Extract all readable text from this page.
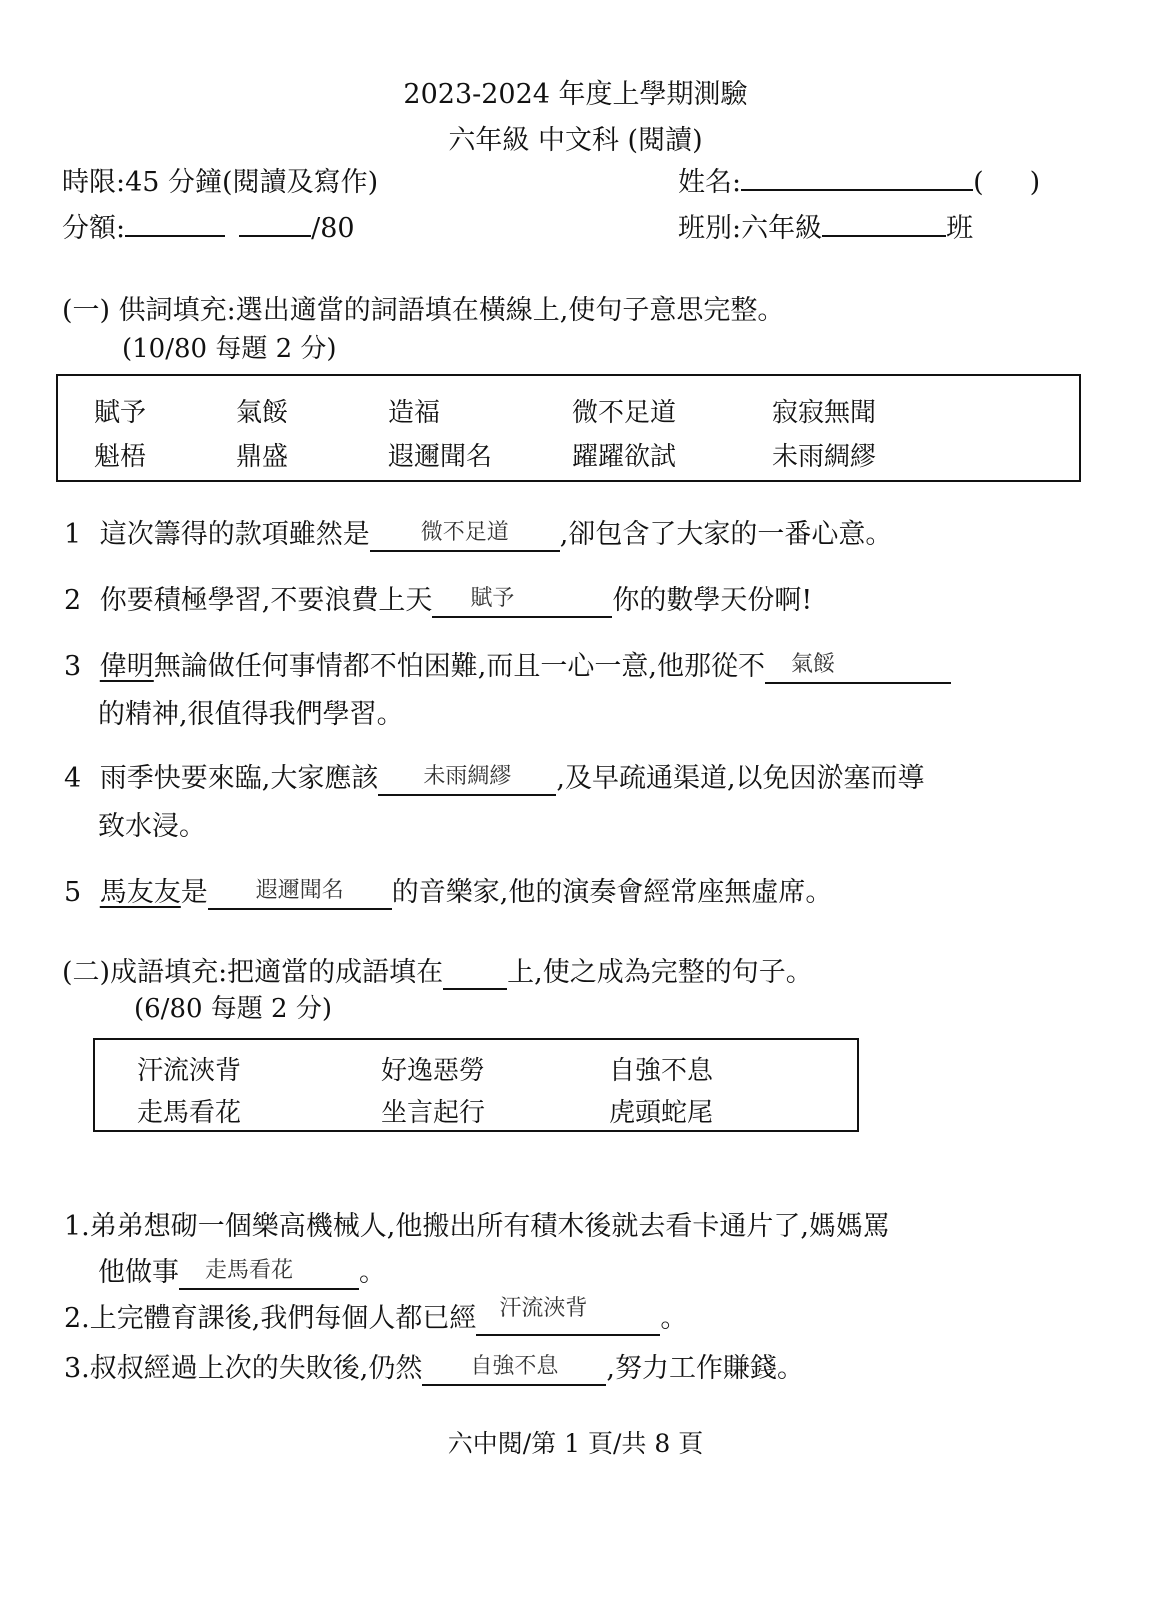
2023-2024 年度上學期測驗
六年級 中文科 (閱讀)
時限:45 分鐘(閱讀及寫作)	姓名:	( )
分額:	/80	班別:六年級	班
(一) 供詞填充:選出適當的詞語填在橫線上,使句子意思完整。
(10/80 每題 2 分)
賦予	氣餒	造福	微不足道	寂寂無聞
魁梧	鼎盛	遐邇聞名	躍躍欲試	未雨綢繆
1 這次籌得的款項雖然是	微不足道	,卻包含了大家的一番心意。
2 你要積極學習,不要浪費上天	賦予	你的數學天份啊!
3 偉明無論做任何事情都不怕困難,而且一心一意,他那從不	氣餒

的精神,很值得我們學習。
4 雨季快要來臨,大家應該	未雨綢繆	,及早疏通渠道,以免因淤塞而導
致水浸。
5 馬友友是	遐邇聞名	的音樂家,他的演奏會經常座無虛席。
(二)成語填充:把適當的成語填在 上,使之成為完整的句子。
(6/80 每題 2 分)
汗流浹背	好逸惡勞	自強不息
走馬看花	坐言起行	虎頭蛇尾
1.弟弟想砌一個樂高機械人,他搬出所有積木後就去看卡通片了,媽媽罵
他做事	走馬看花	。
2.上完體育課後,我們每個人都已經	汗流浹背	。
3.叔叔經過上次的失敗後,仍然	自強不息	,努力工作賺錢。
六中閱/第 1 頁/共 8 頁
